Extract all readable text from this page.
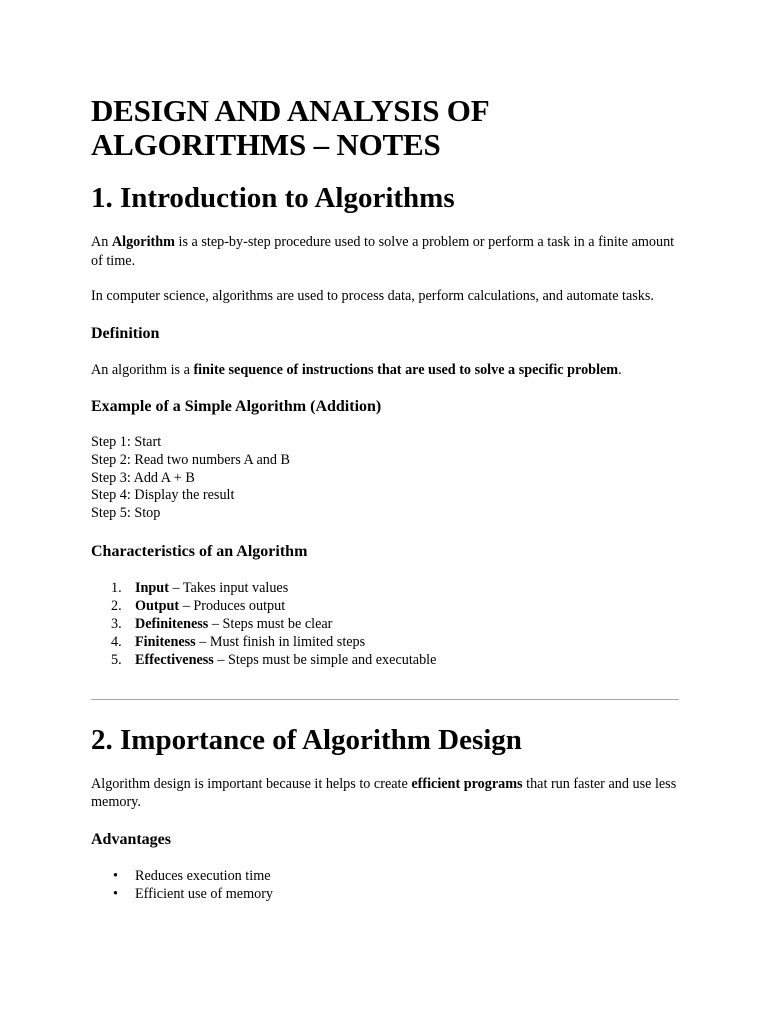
DESIGN AND ANALYSIS OF
ALGORITHMS – NOTES
1. Introduction to Algorithms

An Algorithm is a step-by-step procedure used to solve a problem or perform a task in a finite amount of time.

In computer science, algorithms are used to process data, perform calculations, and automate tasks.

Definition

An algorithm is a finite sequence of instructions that are used to solve a specific problem.

Example of a Simple Algorithm (Addition)
Step 1: Start
Step 2: Read two numbers A and B
Step 3: Add A + B
Step 4: Display the result
Step 5: Stop
Characteristics of an Algorithm
1. Input – Takes input values
2. Output – Produces output
3. Definiteness – Steps must be clear
4. Finiteness – Must finish in limited steps
5. Effectiveness – Steps must be simple and executable
2. Importance of Algorithm Design

Algorithm design is important because it helps to create efficient programs that run faster and use less memory.

Advantages
• Reduces execution time
• Efficient use of memory
